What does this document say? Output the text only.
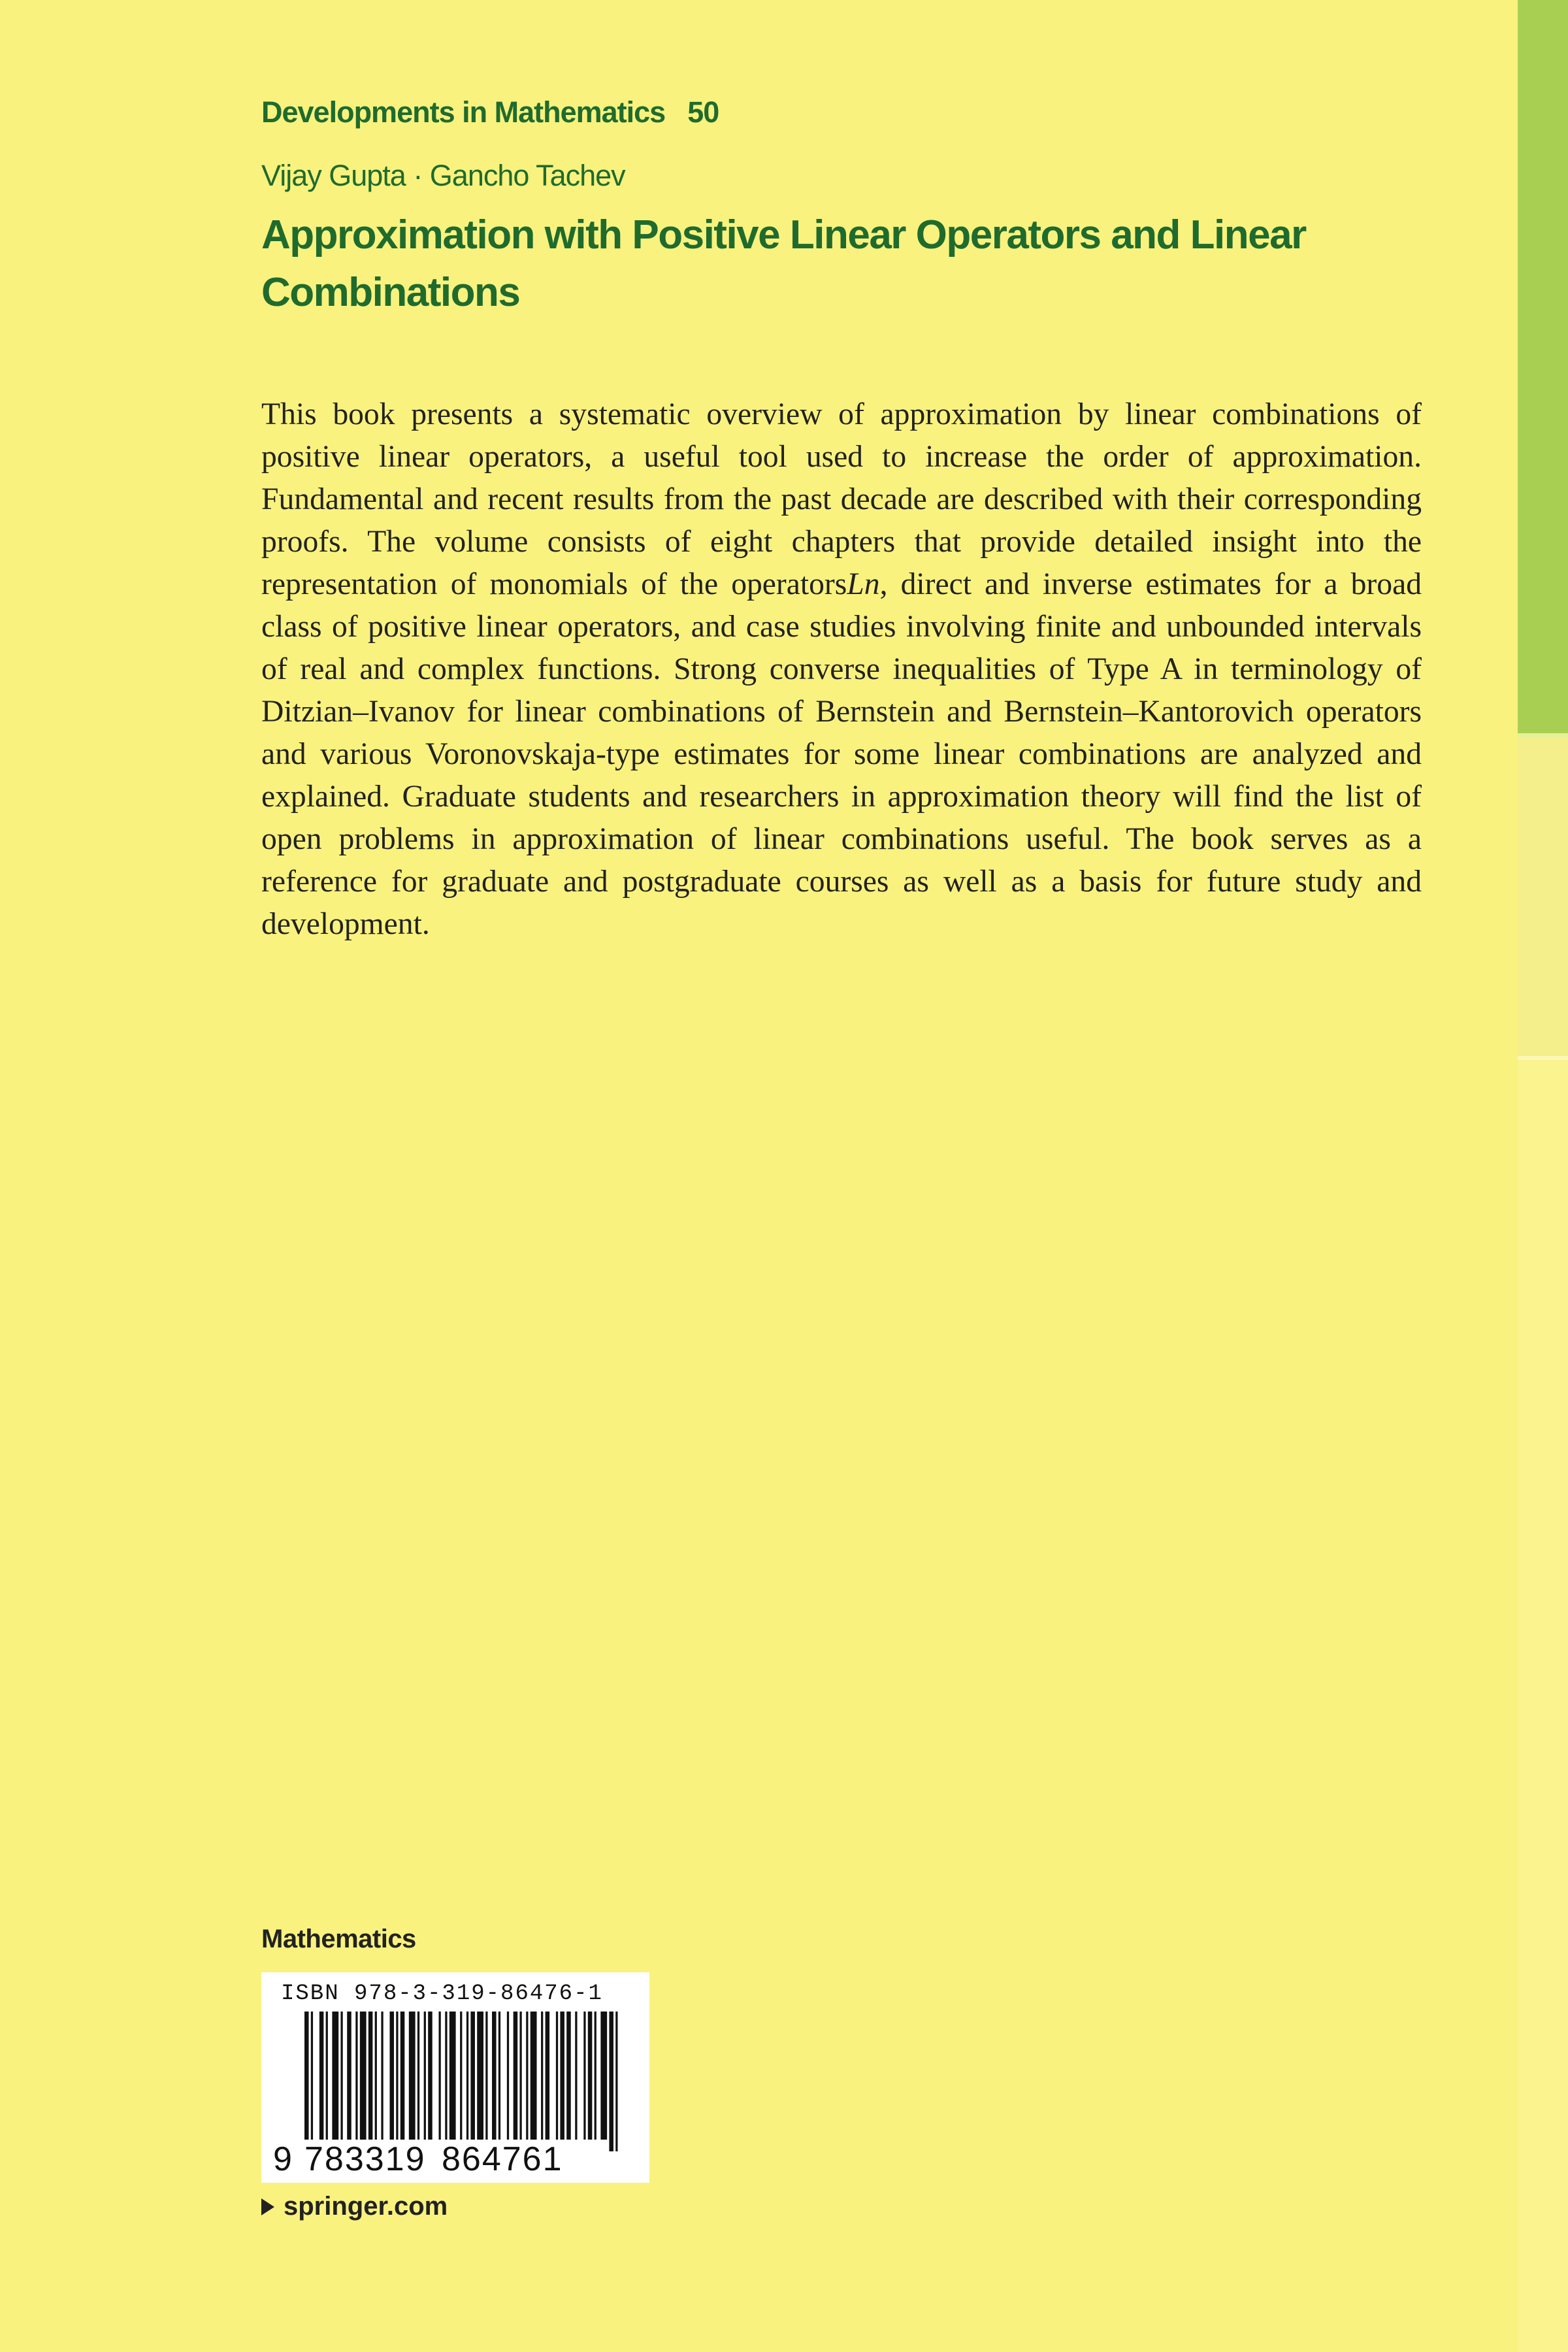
Developments in Mathematics 50
Vijay Gupta · Gancho Tachev
Approximation with Positive Linear Operators and Linear
Combinations
This book presents a systematic overview of approximation by linear combinations of positive linear operators, a useful tool used to increase the order of approximation. Fundamental and recent results from the past decade are described with their corresponding proofs. The volume consists of eight chapters that provide detailed insight into the representation of monomials of the operatorsLn, direct and inverse estimates for a broad class of positive linear operators, and case studies involving finite and unbounded intervals of real and complex functions. Strong converse inequalities of Type A in terminology of Ditzian–Ivanov for linear combinations of Bernstein and Bernstein–Kantorovich operators and various Voronovskaja-type estimates for some linear combinations are analyzed and explained. Graduate students and researchers in approximation theory will find the list of open problems in approximation of linear combinations useful. The book serves as a reference for graduate and postgraduate courses as well as a basis for future study and development.
Mathematics
ISBN 978-3-319-86476-1
9 783319 864761
springer.com
